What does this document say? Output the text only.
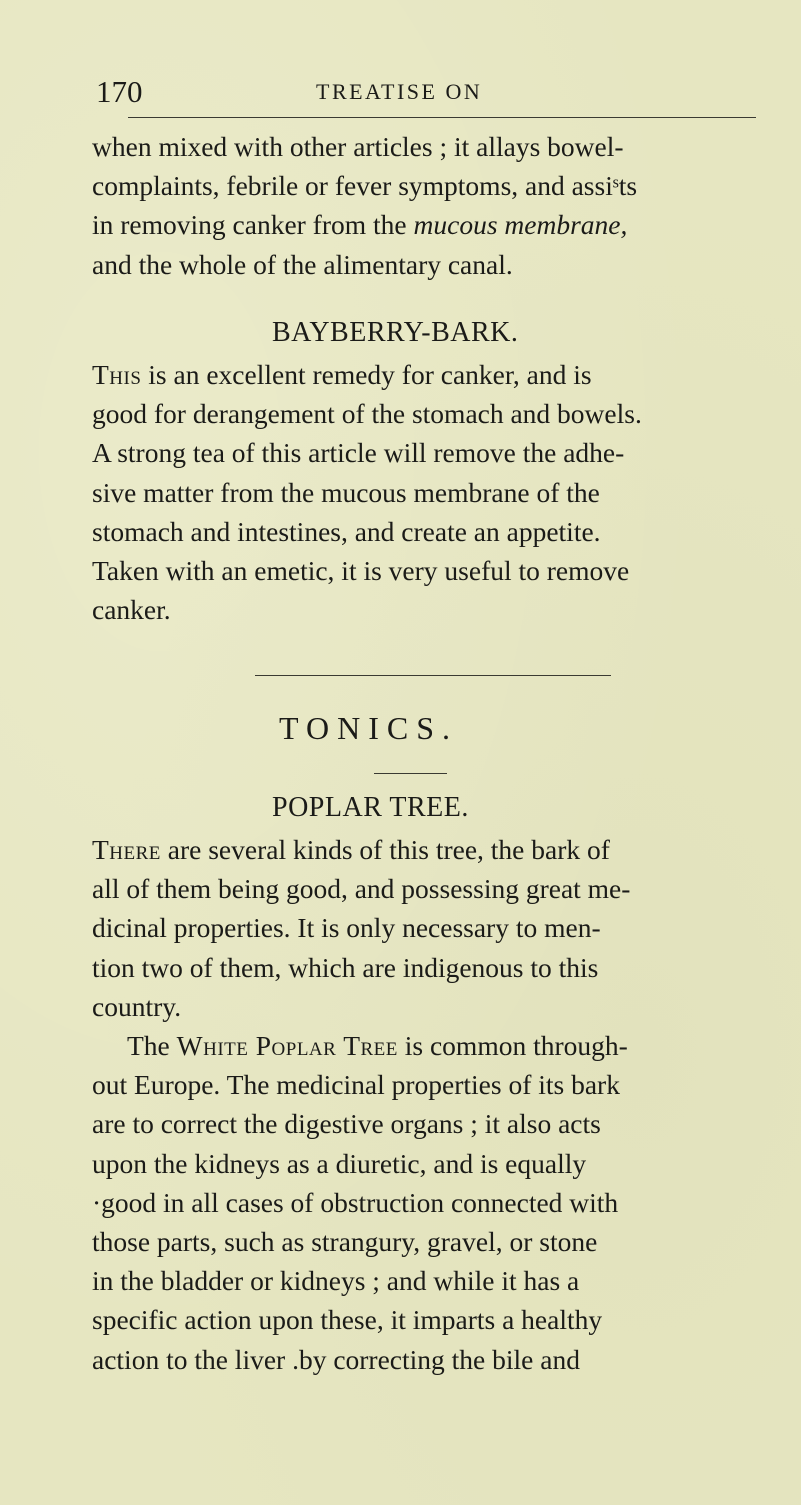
170	TREATISE ON

when mixed with other articles ; it allays bowel-

complaints, febrile or fever symptoms, and assiˢts

in removing canker from the mucous membrane,

and the whole of the alimentary canal.

BAYBERRY-BARK.

This is an excellent remedy for canker, and is

good for derangement of the stomach and bowels.

A strong tea of this article will remove the adhe-

sive matter from the mucous membrane of the

stomach and intestines, and create an appetite.

Taken with an emetic, it is very useful to remove

canker.

TONICS.
POPLAR TREE.

There are several kinds of this tree, the bark of

all of them being good, and possessing great me-

dicinal properties. It is only necessary to men-

tion two of them, which are indigenous to this

country.

The White Poplar Tree is common through-

out Europe. The medicinal properties of its bark

are to correct the digestive organs ; it also acts

upon the kidneys as a diuretic, and is equally

·good in all cases of obstruction connected with

those parts, such as strangury, gravel, or stone

in the bladder or kidneys ; and while it has a

specific action upon these, it imparts a healthy

action to the liver .by correcting the bile and
